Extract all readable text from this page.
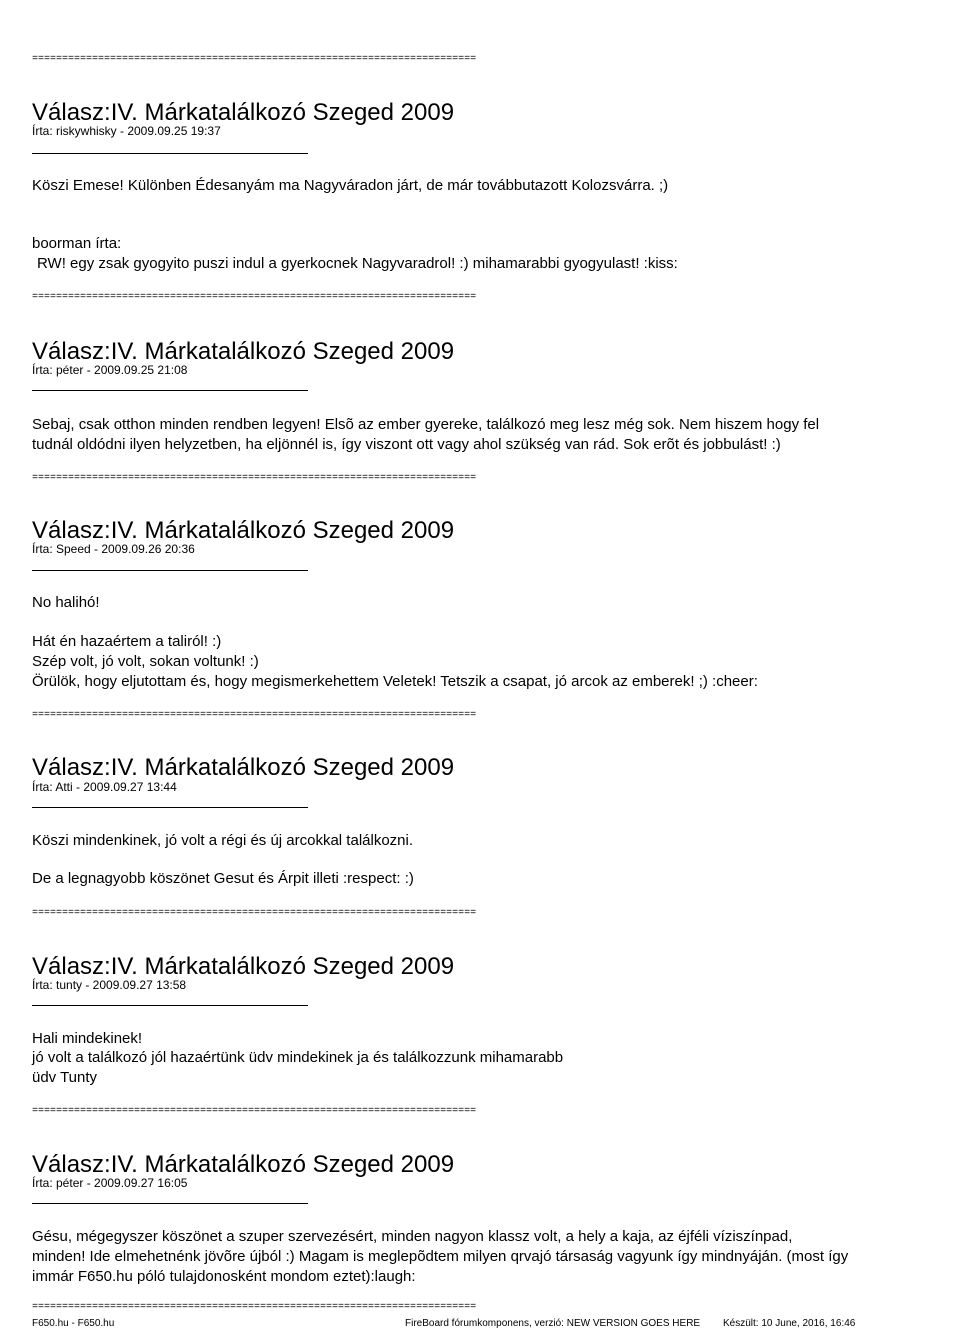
==========================================================================
Válasz:IV. Márkatalálkozó Szeged 2009
Írta: riskywhisky - 2009.09.25 19:37
Köszi Emese! Különben Édesanyám ma Nagyváradon járt, de már továbbutazott Kolozsvárra. ;)
boorman írta:
RW! egy zsak gyogyito puszi indul a gyerkocnek Nagyvaradrol! :) mihamarabbi gyogyulast! :kiss:
==========================================================================
Válasz:IV. Márkatalálkozó Szeged 2009
Írta: péter - 2009.09.25 21:08
Sebaj, csak otthon minden rendben legyen! Elsõ az ember gyereke, találkozó meg lesz még sok. Nem hiszem hogy fel
tudnál oldódni ilyen helyzetben, ha eljönnél is, így viszont ott vagy ahol szükség van rád. Sok erõt és jobbulást! :)
==========================================================================
Válasz:IV. Márkatalálkozó Szeged 2009
Írta: Speed - 2009.09.26 20:36
No halihó!
Hát én hazaértem a taliról! :)
Szép volt, jó volt, sokan voltunk! :)
Örülök, hogy eljutottam és, hogy megismerkehettem Veletek! Tetszik a csapat, jó arcok az emberek! ;) :cheer:
==========================================================================
Válasz:IV. Márkatalálkozó Szeged 2009
Írta: Atti - 2009.09.27 13:44
Köszi mindenkinek, jó volt a régi és új arcokkal találkozni.
De a legnagyobb köszönet Gesut és Árpit illeti :respect: :)
==========================================================================
Válasz:IV. Márkatalálkozó Szeged 2009
Írta: tunty - 2009.09.27 13:58
Hali mindekinek!
jó volt a találkozó jól hazaértünk üdv mindekinek ja és találkozzunk mihamarabb
üdv Tunty
==========================================================================
Válasz:IV. Márkatalálkozó Szeged 2009
Írta: péter - 2009.09.27 16:05
Gésu, mégegyszer köszönet a szuper szervezésért, minden nagyon klassz volt, a hely a kaja, az éjféli víziszínpad,
minden! Ide elmehetnénk jövõre újból :) Magam is meglepõdtem milyen qrvajó társaság vagyunk így mindnyáján. (most így
immár F650.hu póló tulajdonosként mondom eztet):laugh:
==========================================================================
F650.hu - F650.hu	FireBoard fórumkomponens, verzió: NEW VERSION GOES HERE Készült: 10 June, 2016, 16:46
